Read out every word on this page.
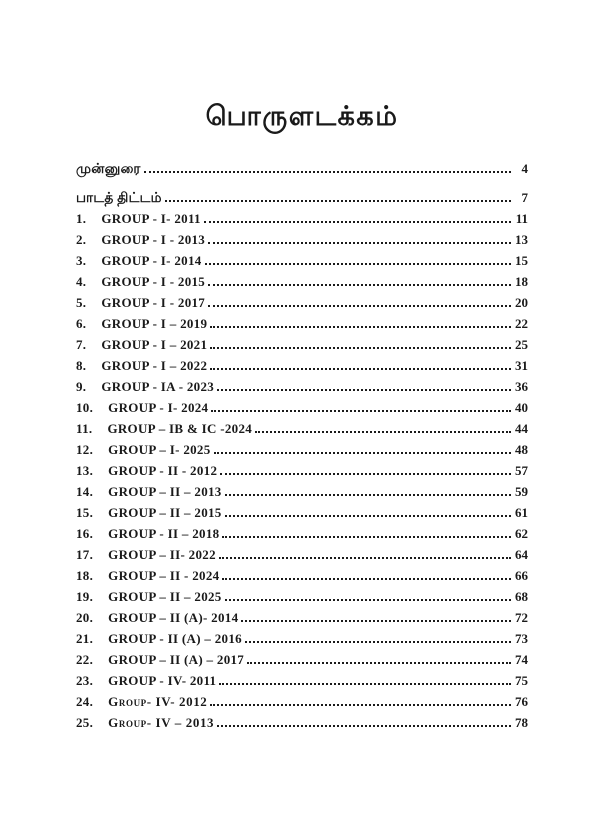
பொருளடக்கம்
முன்னுரை	4
பாடத் திட்டம்	7
1. GROUP - I- 2011	11
2. GROUP - I - 2013	13
3. GROUP - I- 2014	15
4. GROUP - I - 2015	18
5. GROUP - I - 2017	20
6. GROUP - I – 2019	22
7. GROUP - I – 2021	25
8. GROUP - I – 2022	31
9. GROUP - IA - 2023	36
10. GROUP - I- 2024	40
11. GROUP – IB & IC -2024	44
12. GROUP – I- 2025	48
13. GROUP - II - 2012	57
14. GROUP – II – 2013	59
15. GROUP – II – 2015	61
16. GROUP - II – 2018	62
17. GROUP – II- 2022	64
18. GROUP – II - 2024	66
19. GROUP – II – 2025	68
20. GROUP – II (A)- 2014	72
21. GROUP - II (A) – 2016	73
22. GROUP – II (A) – 2017	74
23. GROUP - IV- 2011	75
24. Group- IV- 2012	76
25. Group- IV – 2013	78
